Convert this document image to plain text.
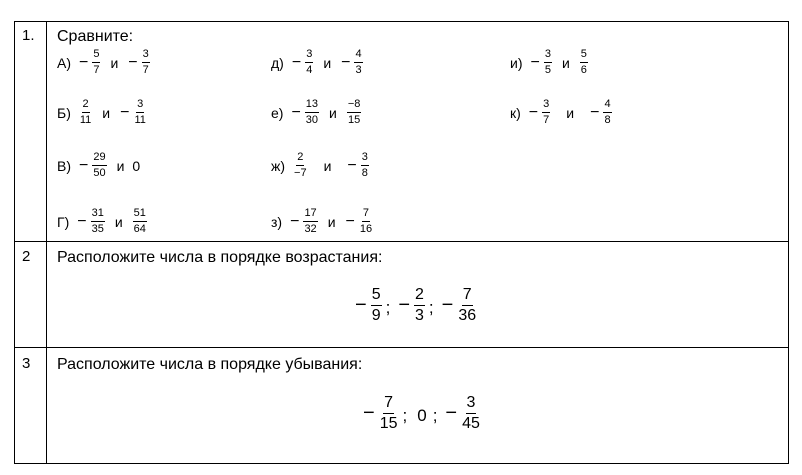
1. Сравните:
$А) - \frac{5}{7}$ $и - \frac{3}{7}$
$Б) \frac{2}{11}$ $и - \frac{3}{11}$
$В) - \frac{29}{50}$ и 0
$Г) - \frac{31}{35}$ и $\frac{51}{64}$
$д) - \frac{3}{4}$ $и - \frac{4}{3}$
$е) - \frac{13}{30}$ и $\frac{-8}{15}$
$ж) \frac{2}{-7}$ $и - \frac{3}{8}$
$з) - \frac{17}{32}$ $и - \frac{7}{16}$
$и) - \frac{3}{5}$ и $\frac{5}{6}$
$к) - \frac{3}{7}$ $и - \frac{4}{8}$
2 Расположите числа в порядке возрастания:
− $\frac{5}{9}$ ; − $\frac{2}{3}$ ; − $\frac{7}{36}$
3 Расположите числа в порядке убывания:
− $\frac{7}{15}$ ; 0 ; − $\frac{3}{45}$
